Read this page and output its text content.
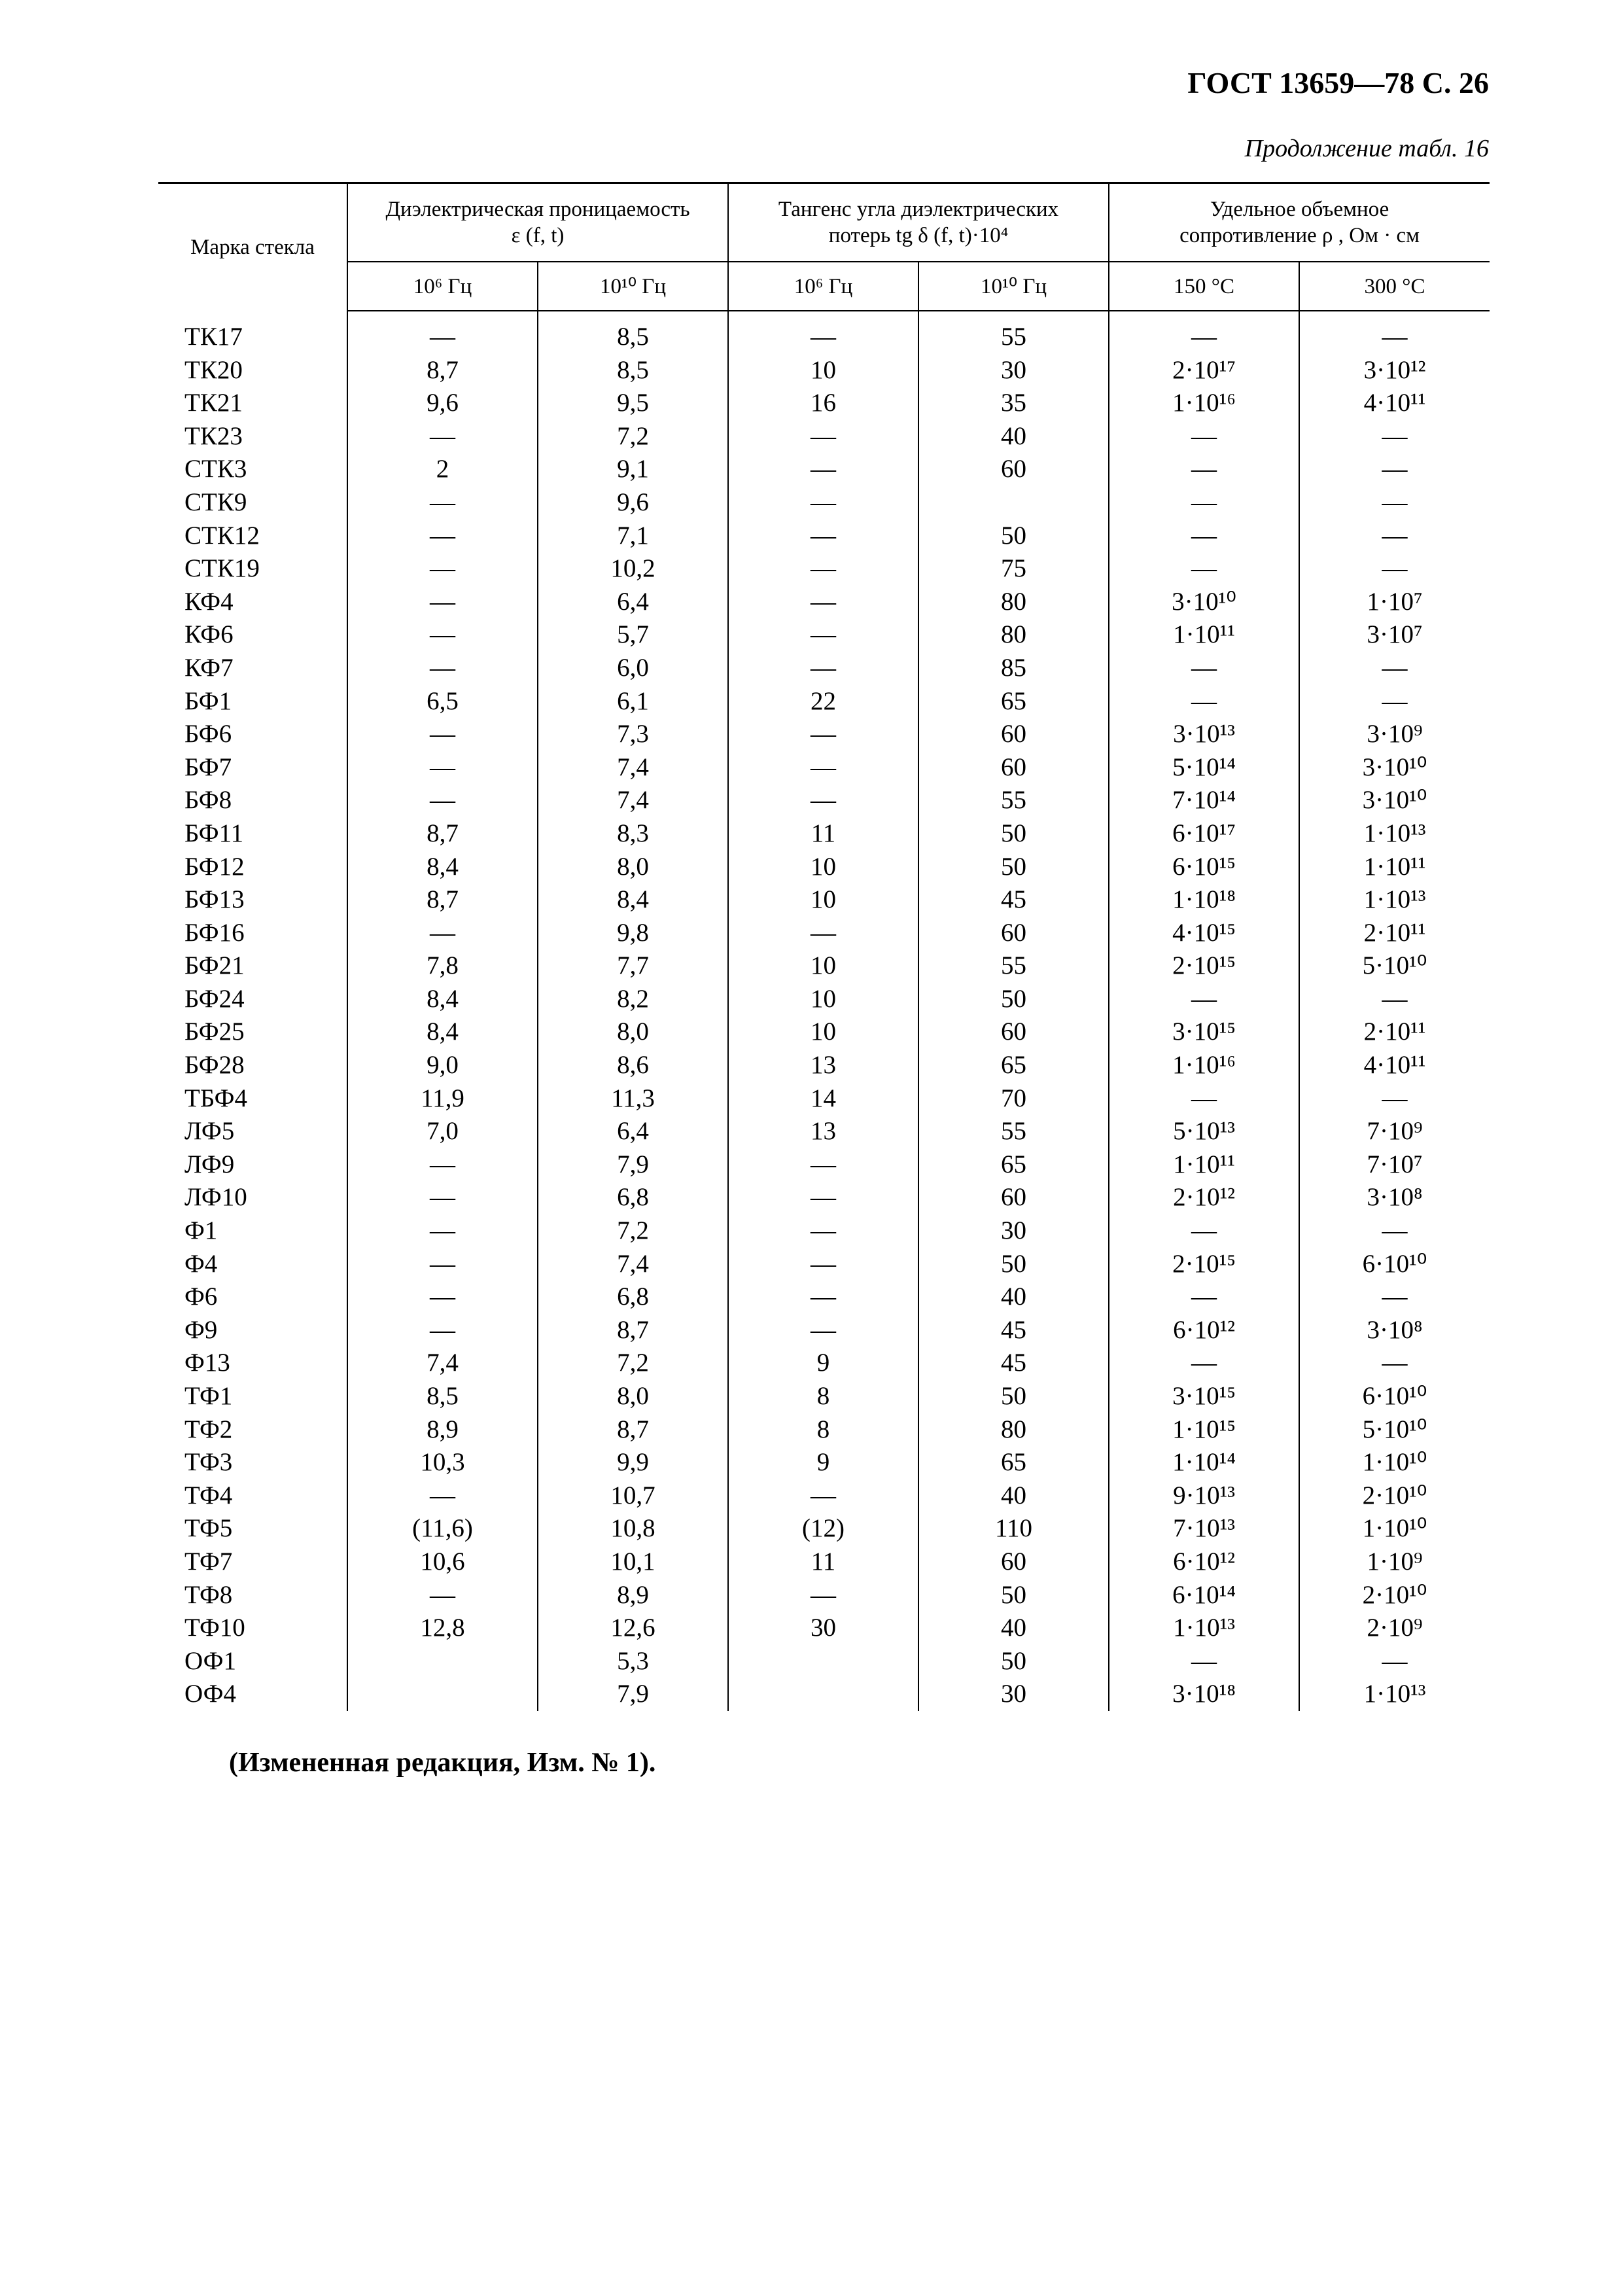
ГОСТ 13659—78 С. 26
Продолжение табл. 16
Марка стекла	Диэлектрическая проницаемость
ε (f, t)		Тангенс угла диэлектрических
потерь tg δ (f, t)·10⁴		Удельное объемное
сопротивление ρ , Ом · см	
	10⁶ Гц	10¹⁰ Гц	10⁶ Гц	10¹⁰ Гц	150 °С	300 °С

ТК17	—	8,5	—	55	—	—
ТК20	8,7	8,5	10	30	2·10¹⁷	3·10¹²
ТК21	9,6	9,5	16	35	1·10¹⁶	4·10¹¹
ТК23	—	7,2	—	40	—	—
СТК3	2	9,1	—	60	—	—
СТК9	—	9,6	—		—	—
СТК12	—	7,1	—	50	—	—
СТК19	—	10,2	—	75	—	—
КФ4	—	6,4	—	80	3·10¹⁰	1·10⁷
КФ6	—	5,7	—	80	1·10¹¹	3·10⁷
КФ7	—	6,0	—	85	—	—
БФ1	6,5	6,1	22	65	—	—
БФ6	—	7,3	—	60	3·10¹³	3·10⁹
БФ7	—	7,4	—	60	5·10¹⁴	3·10¹⁰
БФ8	—	7,4	—	55	7·10¹⁴	3·10¹⁰
БФ11	8,7	8,3	11	50	6·10¹⁷	1·10¹³
БФ12	8,4	8,0	10	50	6·10¹⁵	1·10¹¹
БФ13	8,7	8,4	10	45	1·10¹⁸	1·10¹³
БФ16	—	9,8	—	60	4·10¹⁵	2·10¹¹
БФ21	7,8	7,7	10	55	2·10¹⁵	5·10¹⁰
БФ24	8,4	8,2	10	50	—	—
БФ25	8,4	8,0	10	60	3·10¹⁵	2·10¹¹
БФ28	9,0	8,6	13	65	1·10¹⁶	4·10¹¹
ТБФ4	11,9	11,3	14	70	—	—
ЛФ5	7,0	6,4	13	55	5·10¹³	7·10⁹
ЛФ9	—	7,9	—	65	1·10¹¹	7·10⁷
ЛФ10	—	6,8	—	60	2·10¹²	3·10⁸
Ф1	—	7,2	—	30	—	—
Ф4	—	7,4	—	50	2·10¹⁵	6·10¹⁰
Ф6	—	6,8	—	40	—	—
Ф9	—	8,7	—	45	6·10¹²	3·10⁸
Ф13	7,4	7,2	9	45	—	—
ТФ1	8,5	8,0	8	50	3·10¹⁵	6·10¹⁰
ТФ2	8,9	8,7	8	80	1·10¹⁵	5·10¹⁰
ТФ3	10,3	9,9	9	65	1·10¹⁴	1·10¹⁰
ТФ4	—	10,7	—	40	9·10¹³	2·10¹⁰
ТФ5	(11,6)	10,8	(12)	110	7·10¹³	1·10¹⁰
ТФ7	10,6	10,1	11	60	6·10¹²	1·10⁹
ТФ8	—	8,9	—	50	6·10¹⁴	2·10¹⁰
ТФ10	12,8	12,6	30	40	1·10¹³	2·10⁹
ОФ1		5,3		50	—	—
ОФ4		7,9		30	3·10¹⁸	1·10¹³
(Измененная редакция, Изм. № 1).
